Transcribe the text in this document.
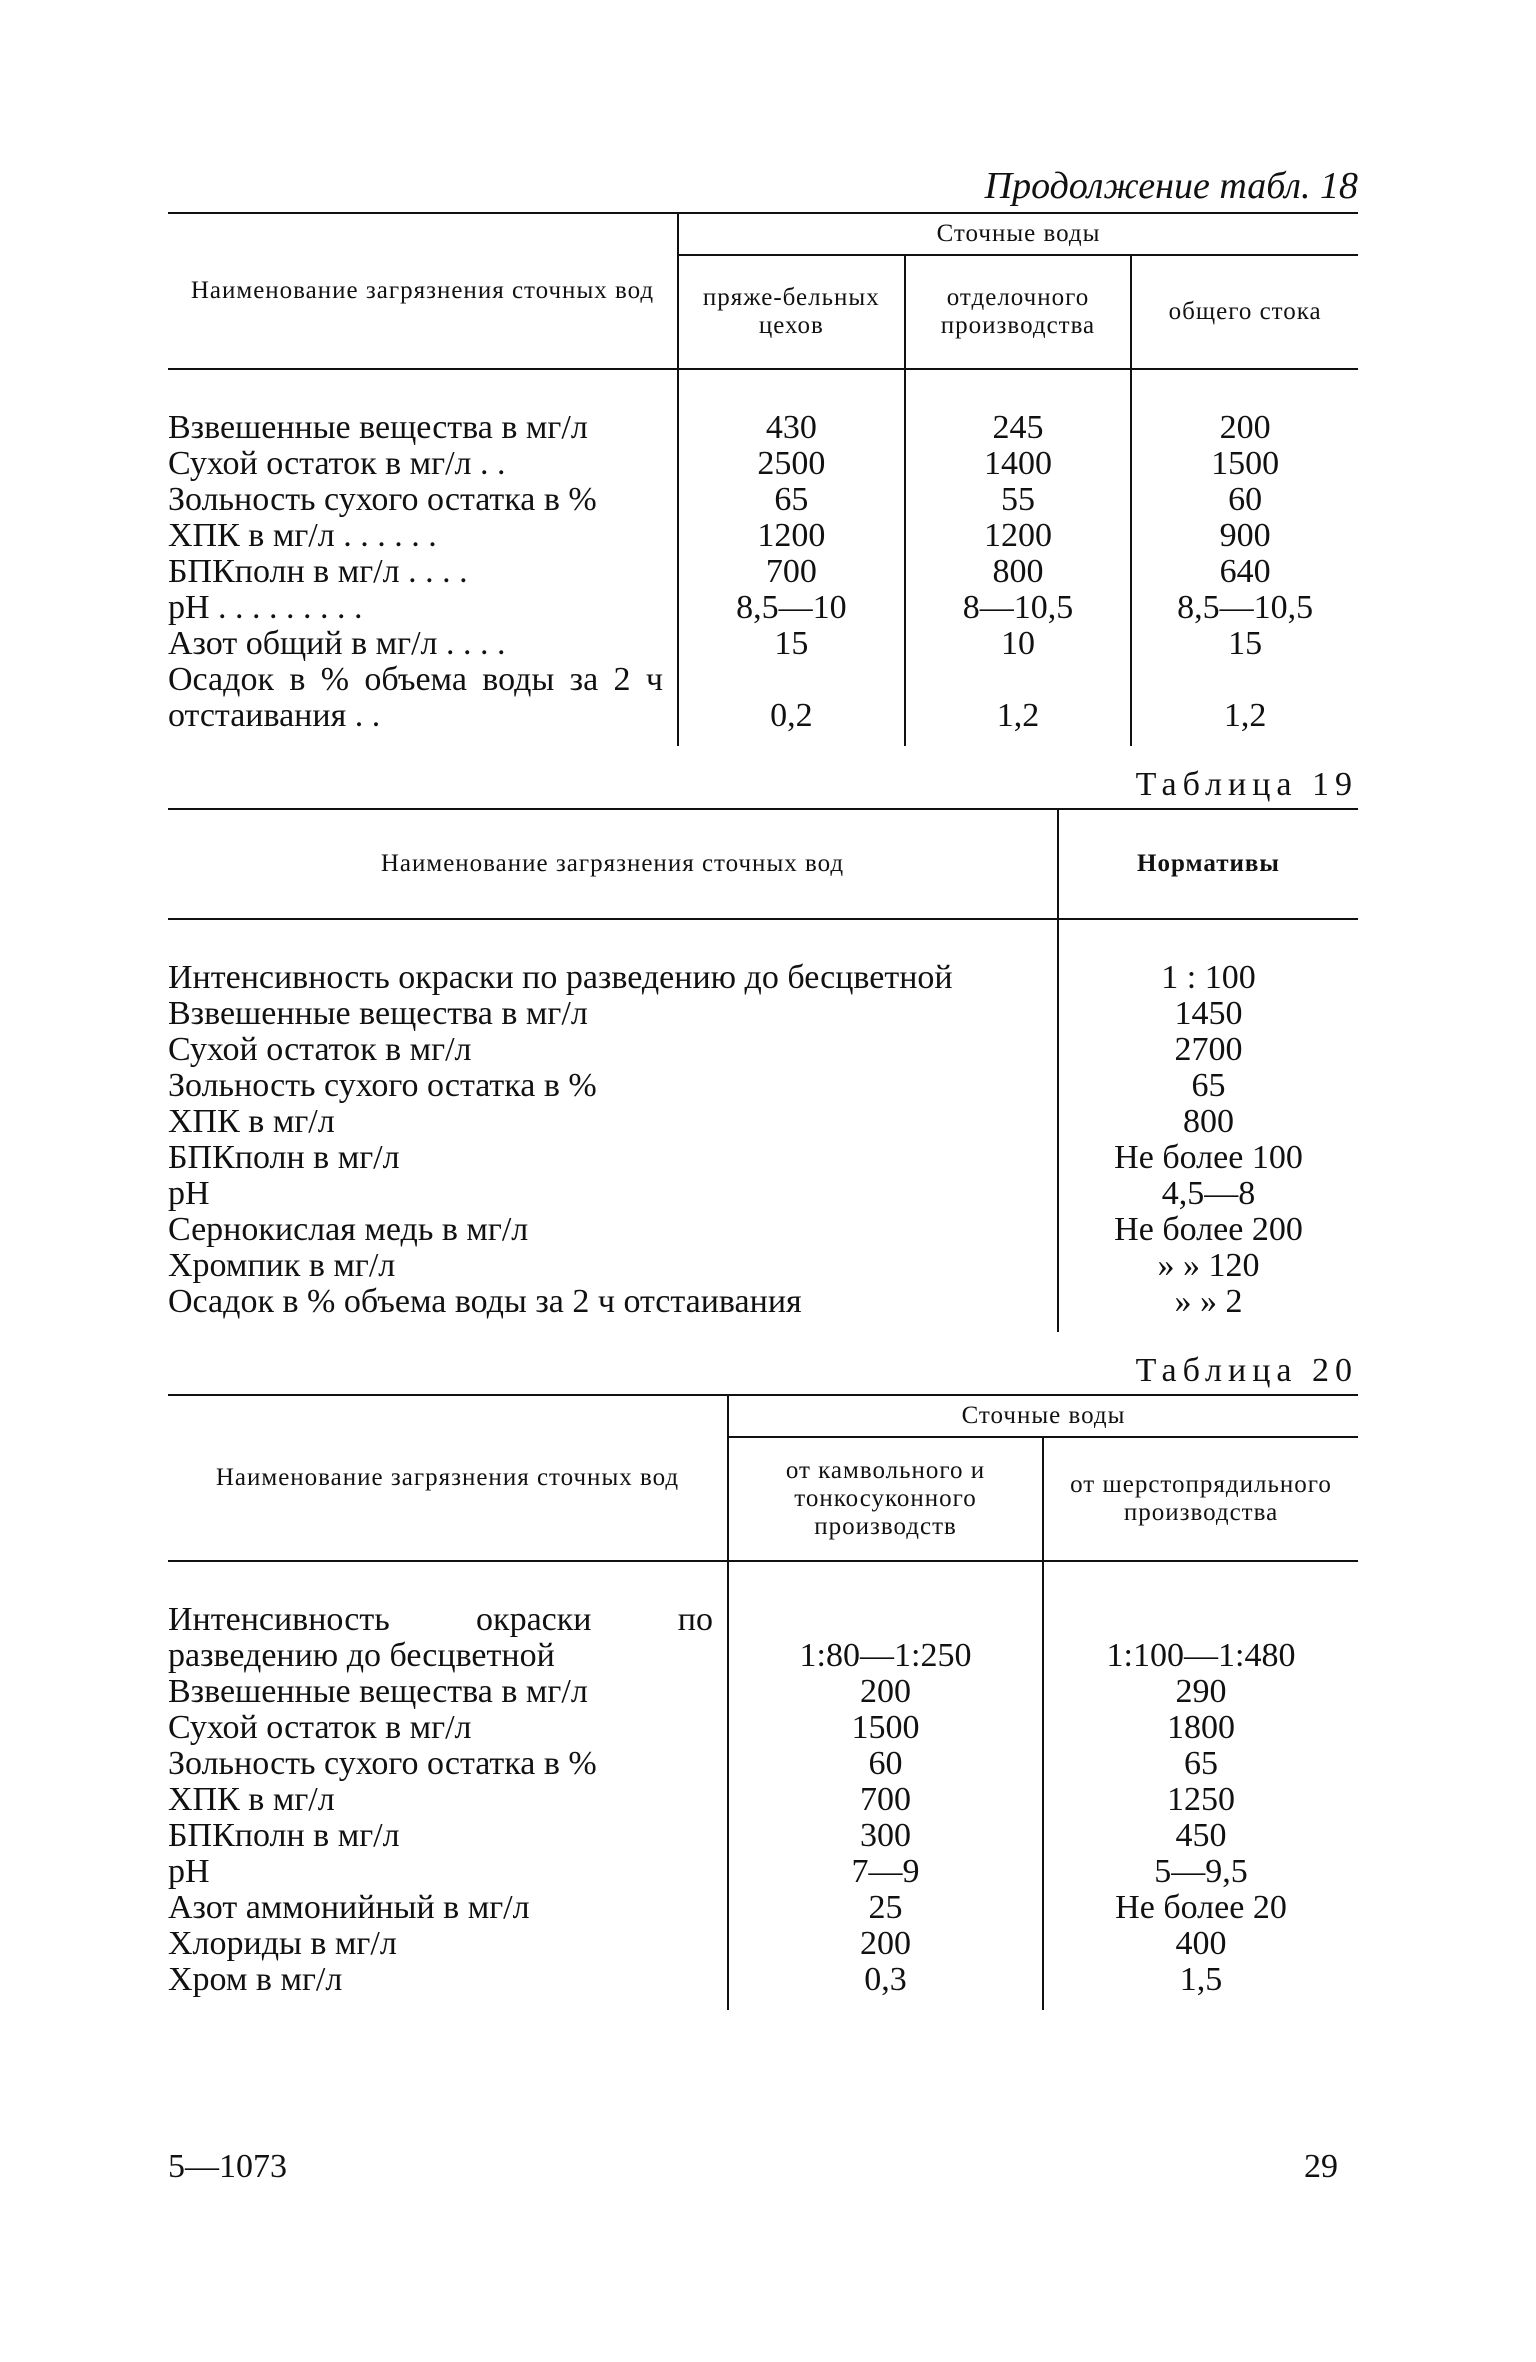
Продолжение табл. 18
Наименование загрязнения сточных вод	Сточные воды		
	пряже-бельных цехов	отделочного производства	общего стока
Взвешенные вещества в мг/л	430	245	200
Сухой остаток в мг/л . .	2500	1400	1500
Зольность сухого остатка в %	65	55	60
ХПК в мг/л . . . . . .	1200	1200	900
БПКполн в мг/л . . . .	700	800	640
pH . . . . . . . . .	8,5—10	8—10,5	8,5—10,5
Азот общий в мг/л . . . .	15	10	15
Осадок в % объема воды за 2 ч отстаивания . .	0,2	1,2	1,2
Таблица 19
Наименование загрязнения сточных вод	Нормативы
Интенсивность окраски по разведению до бесцветной	1 : 100
Взвешенные вещества в мг/л	1450
Сухой остаток в мг/л	2700
Зольность сухого остатка в %	65
ХПК в мг/л	800
БПКполн в мг/л	Не более 100
pH	4,5—8
Сернокислая медь в мг/л	Не более 200
Хромпик в мг/л	» » 120
Осадок в % объема воды за 2 ч отстаивания	» » 2
Таблица 20
Наименование загрязнения сточных вод	Сточные воды	
	от камвольного и тонкосуконного производств	от шерстопрядильного производства
Интенсивность окраски по разведению до бесцветной	1:80—1:250	1:100—1:480
Взвешенные вещества в мг/л	200	290
Сухой остаток в мг/л	1500	1800
Зольность сухого остатка в %	60	65
ХПК в мг/л	700	1250
БПКполн в мг/л	300	450
pH	7—9	5—9,5
Азот аммонийный в мг/л	25	Не более 20
Хлориды в мг/л	200	400
Хром в мг/л	0,3	1,5
5—1073	29
